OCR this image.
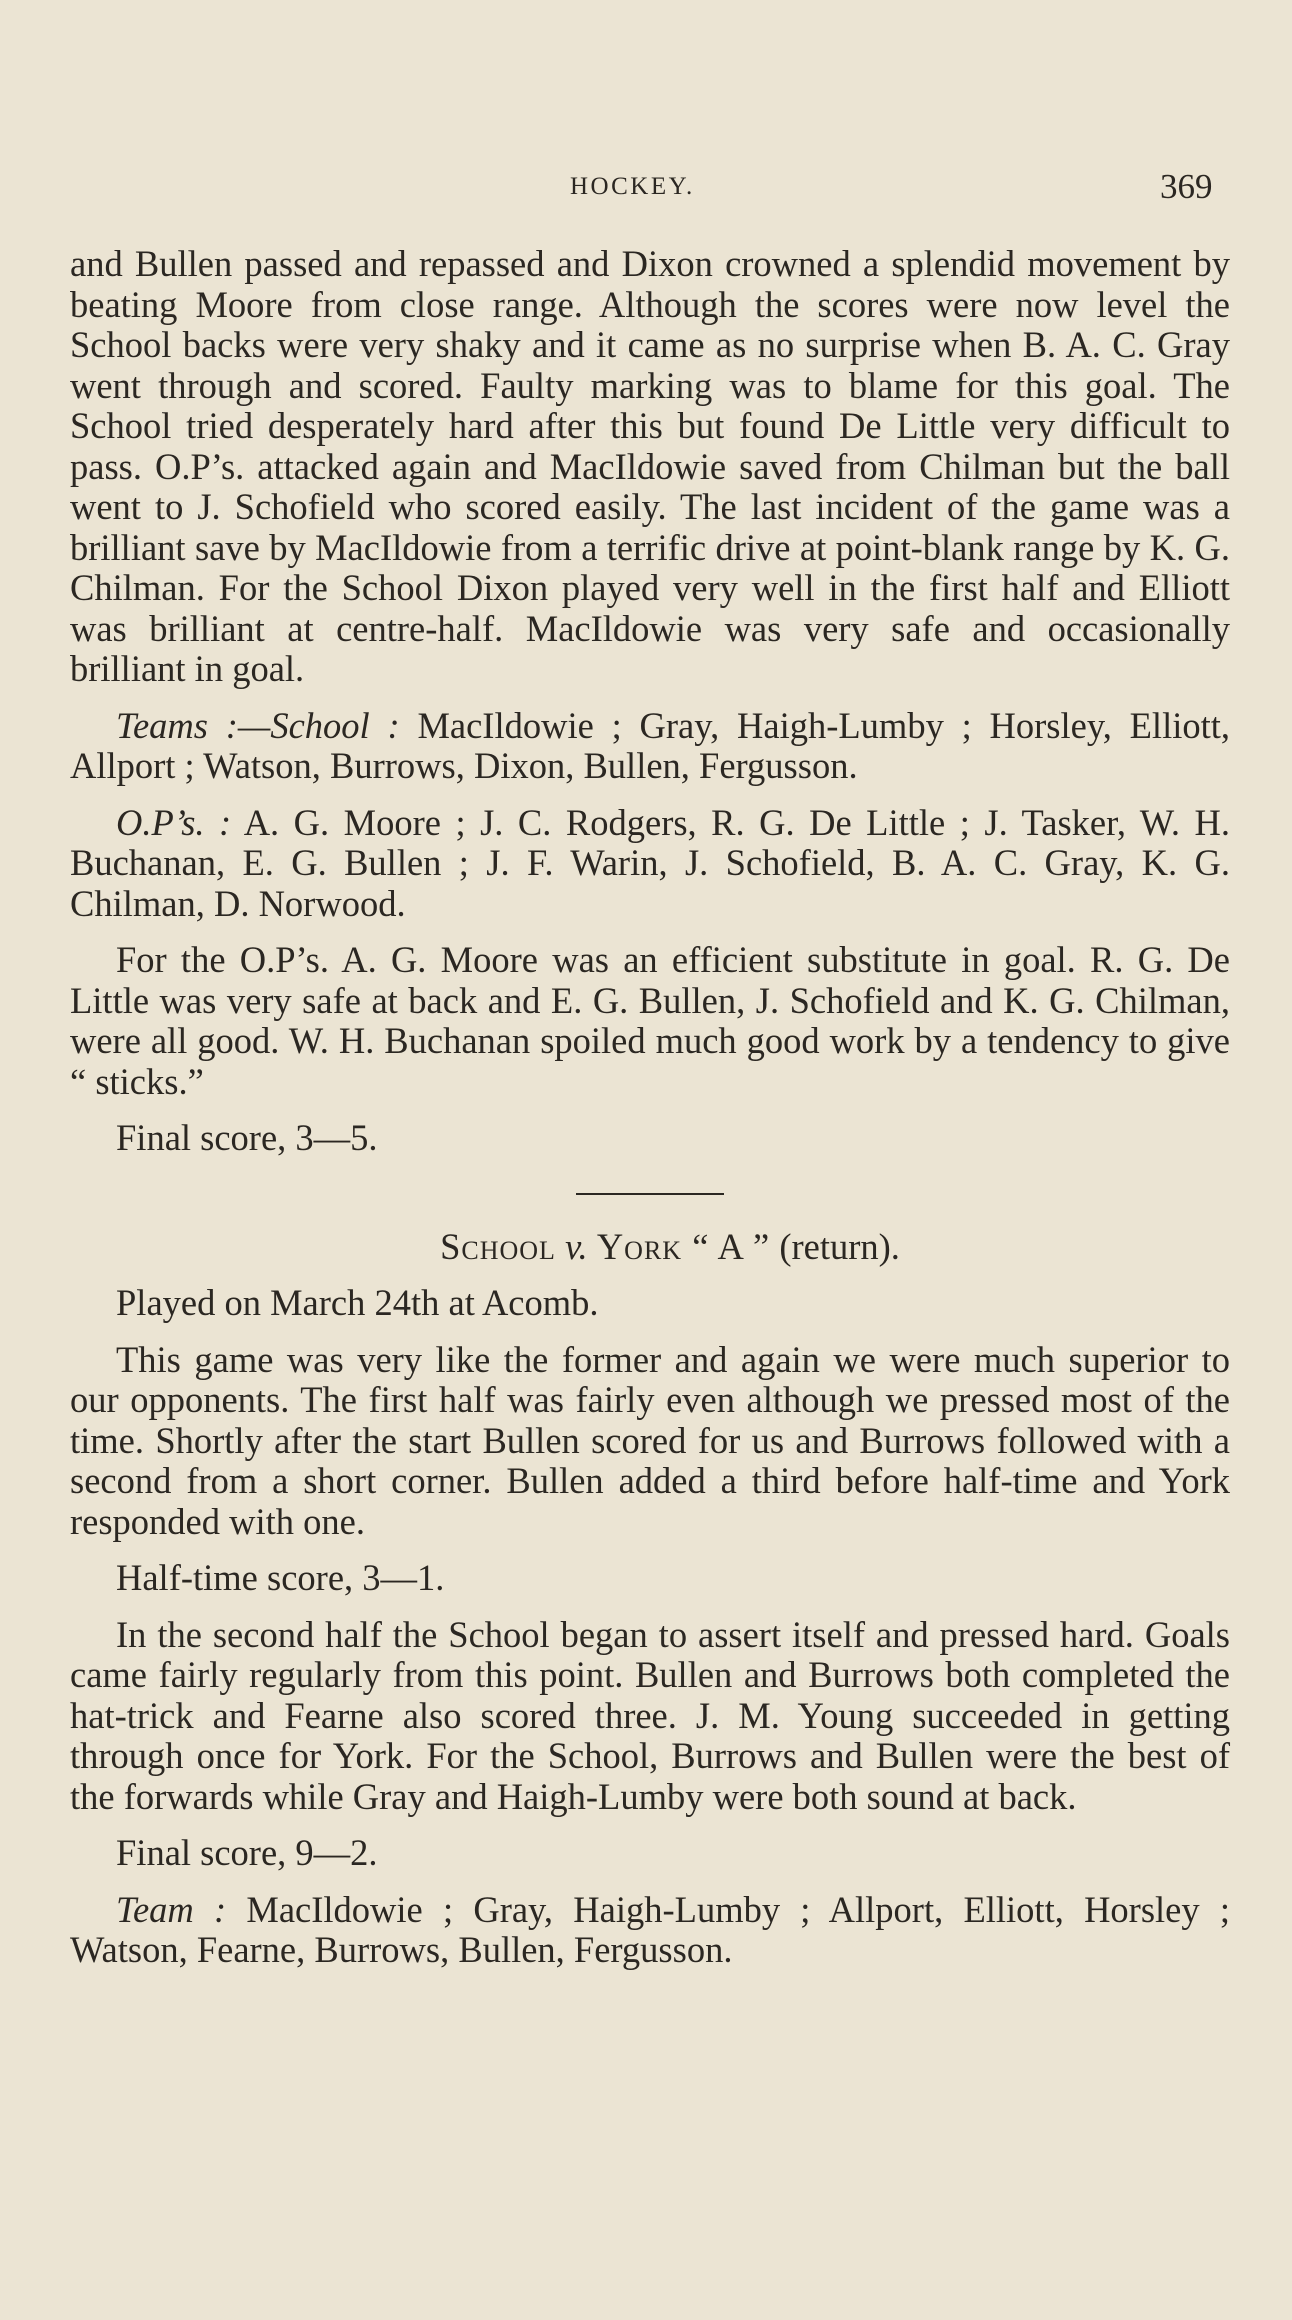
HOCKEY.	369

and Bullen passed and repassed and Dixon crowned a splendid movement by beating Moore from close range. Although the scores were now level the School backs were very shaky and it came as no surprise when B. A. C. Gray went through and scored. Faulty marking was to blame for this goal. The School tried desperately hard after this but found De Little very difficult to pass. O.P’s. attacked again and MacIldowie saved from Chilman but the ball went to J. Schofield who scored easily. The last incident of the game was a brilliant save by MacIldowie from a terrific drive at point-blank range by K. G. Chilman. For the School Dixon played very well in the first half and Elliott was brilliant at centre-half. MacIldowie was very safe and occasionally brilliant in goal.

Teams :—School : MacIldowie ; Gray, Haigh-Lumby ; Horsley, Elliott, Allport ; Watson, Burrows, Dixon, Bullen, Fergusson.

O.P’s. : A. G. Moore ; J. C. Rodgers, R. G. De Little ; J. Tasker, W. H. Buchanan, E. G. Bullen ; J. F. Warin, J. Schofield, B. A. C. Gray, K. G. Chilman, D. Norwood.

For the O.P’s. A. G. Moore was an efficient substitute in goal. R. G. De Little was very safe at back and E. G. Bullen, J. Schofield and K. G. Chilman, were all good. W. H. Buchanan spoiled much good work by a tendency to give “ sticks.”

Final score, 3—5.

School v. York “ A ” (return).

Played on March 24th at Acomb.

This game was very like the former and again we were much superior to our opponents. The first half was fairly even although we pressed most of the time. Shortly after the start Bullen scored for us and Burrows followed with a second from a short corner. Bullen added a third before half-time and York responded with one.

Half-time score, 3—1.

In the second half the School began to assert itself and pressed hard. Goals came fairly regularly from this point. Bullen and Burrows both completed the hat-trick and Fearne also scored three. J. M. Young succeeded in getting through once for York. For the School, Burrows and Bullen were the best of the forwards while Gray and Haigh-Lumby were both sound at back.

Final score, 9—2.

Team : MacIldowie ; Gray, Haigh-Lumby ; Allport, Elliott, Horsley ; Watson, Fearne, Burrows, Bullen, Fergusson.
